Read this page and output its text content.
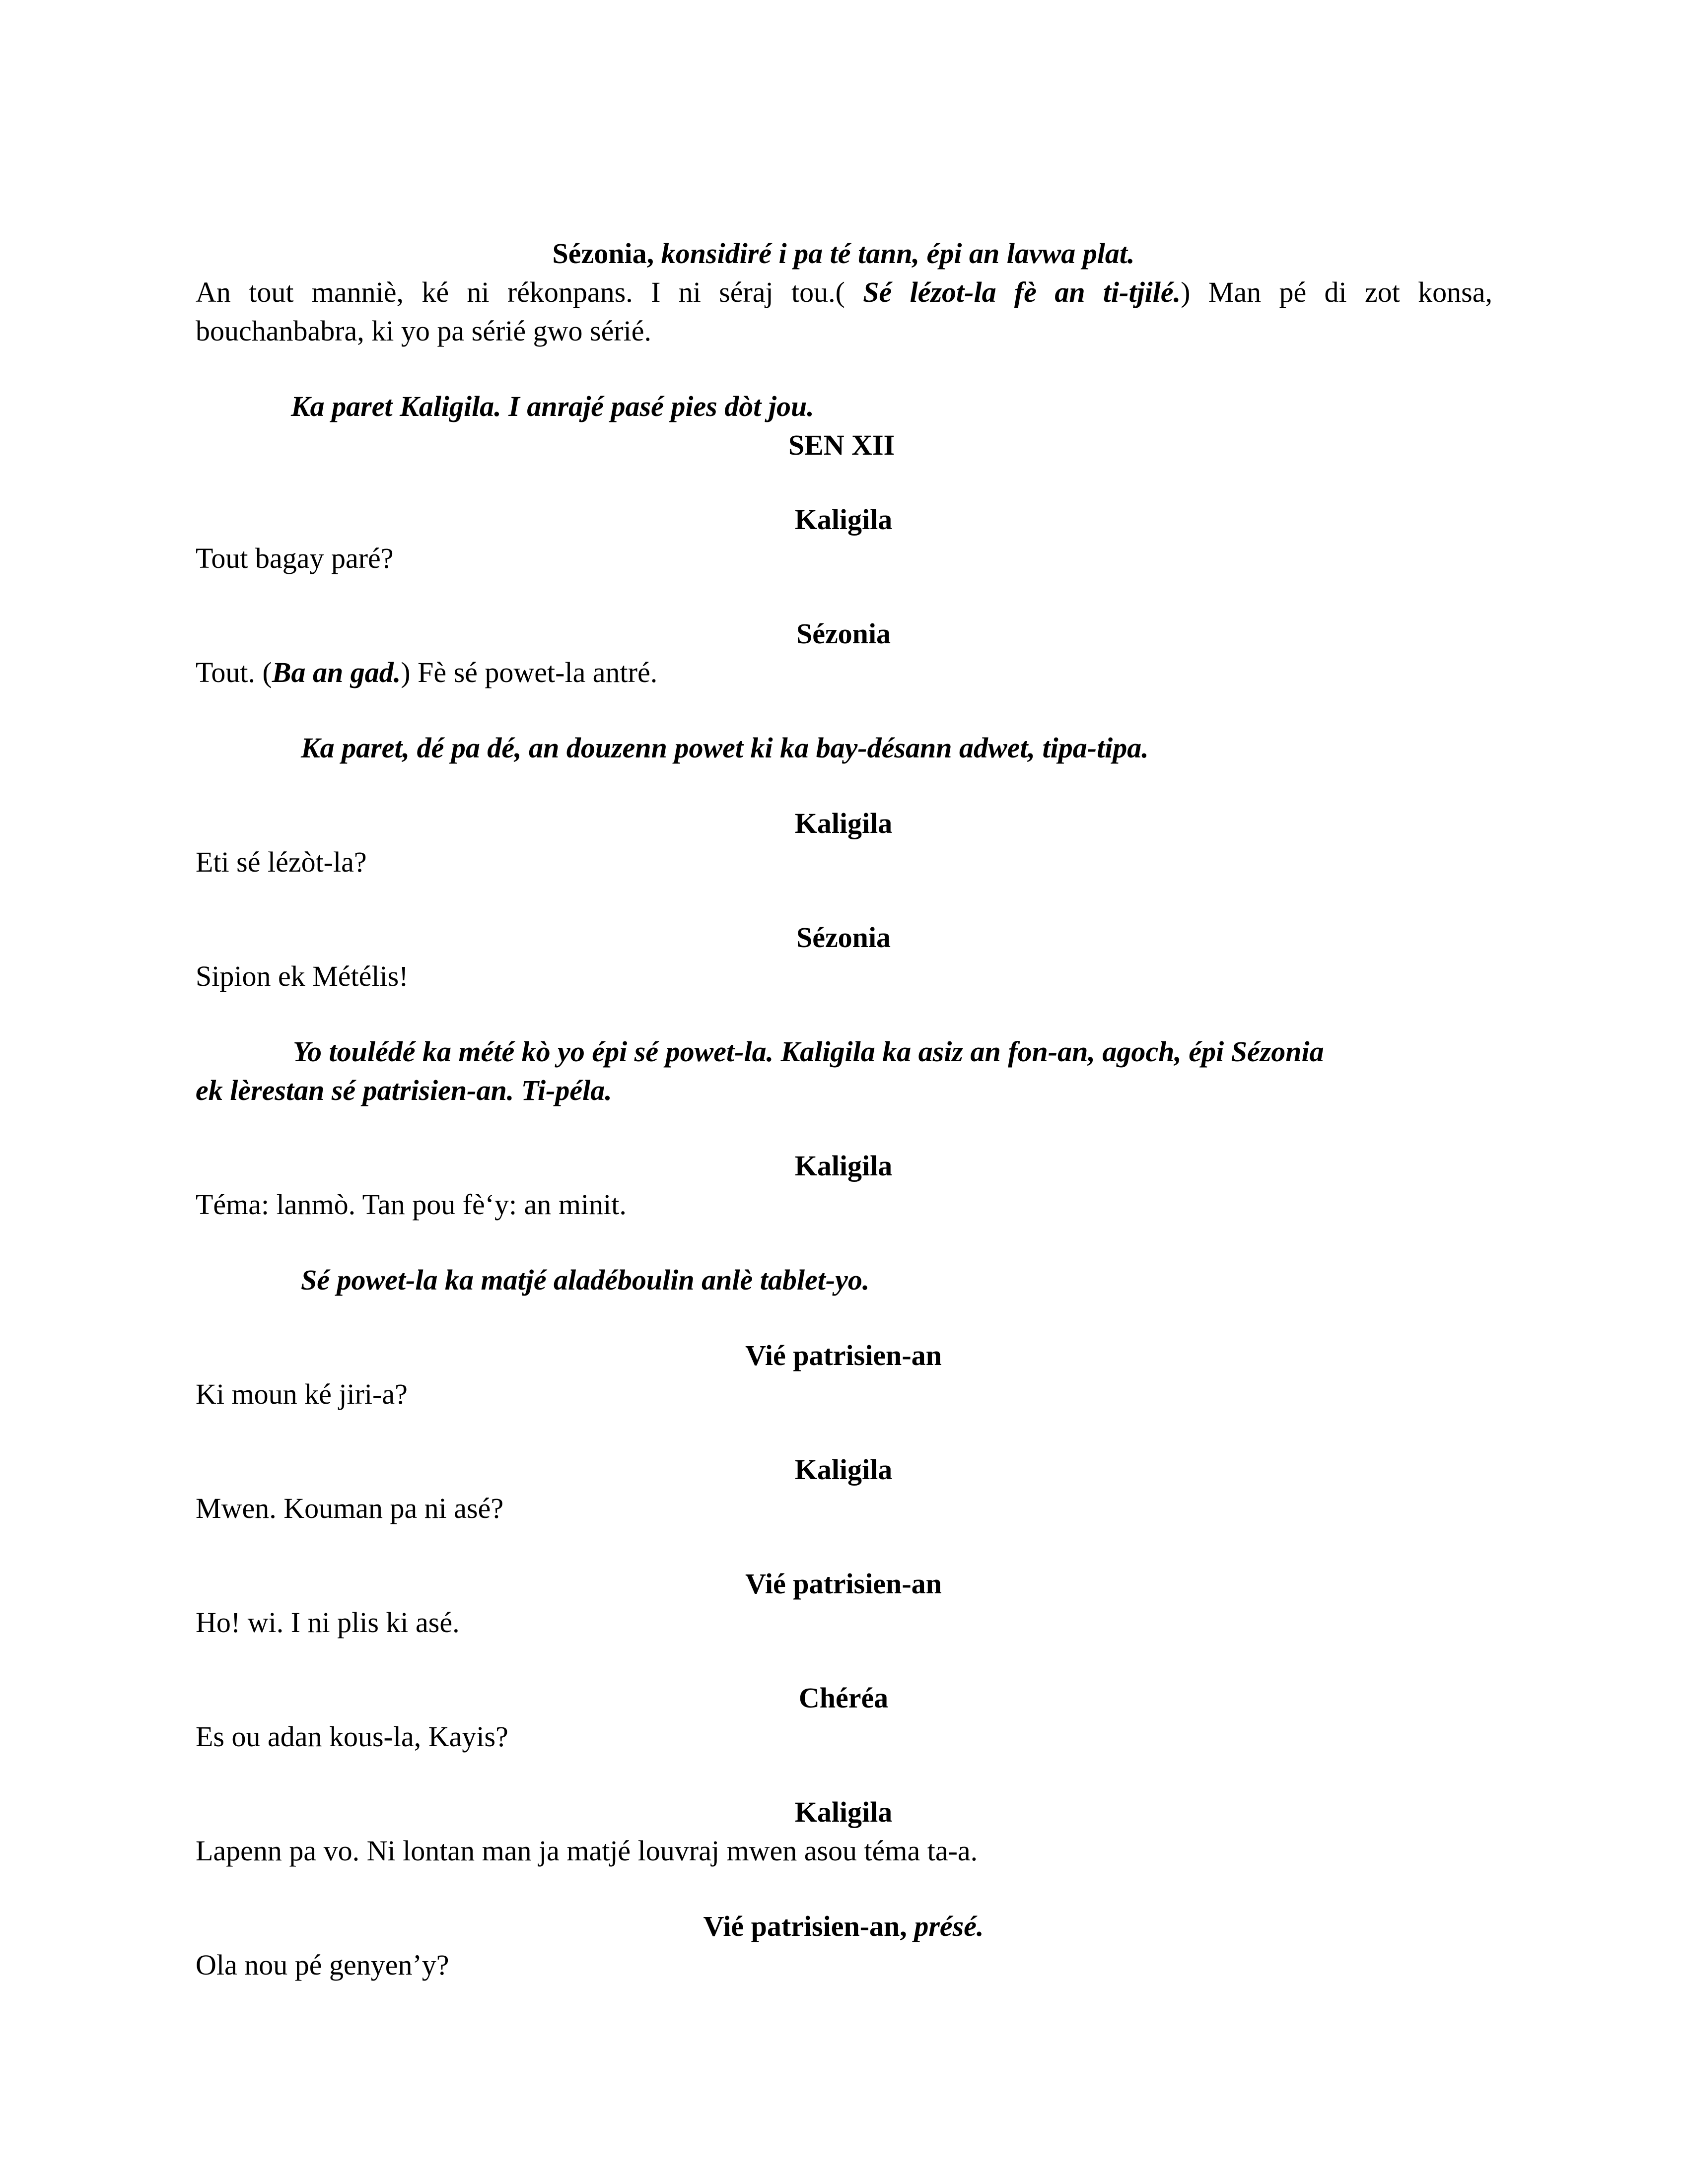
Sézonia, konsidiré i pa té tann, épi an lavwa plat.

An tout manniè, ké ni rékonpans. I ni séraj tou.( Sé lézot-la fè an ti-tjilé.) Man pé di zot konsa,
bouchanbabra, ki yo pa sérié gwo sérié.

Ka paret Kaligila. I anrajé pasé pies dòt jou.

SEN XII

Kaligila

Tout bagay paré?

Sézonia

Tout. (Ba an gad.) Fè sé powet-la antré.

Ka paret, dé pa dé, an douzenn powet ki ka bay-désann adwet, tipa-tipa.

Kaligila

Eti sé lézòt-la?

Sézonia

Sipion ek Métélis!

Yo toulédé ka mété kò yo épi sé powet-la. Kaligila ka asiz an fon-an, agoch, épi Sézonia
ek lèrestan sé patrisien-an. Ti-péla.

Kaligila

Téma: lanmò. Tan pou fè‘y: an minit.

Sé powet-la ka matjé aladéboulin anlè tablet-yo.

Vié patrisien-an

Ki moun ké jiri-a?

Kaligila

Mwen. Kouman pa ni asé?

Vié patrisien-an

Ho! wi. I ni plis ki asé.

Chéréa

Es ou adan kous-la, Kayis?

Kaligila

Lapenn pa vo. Ni lontan man ja matjé louvraj mwen asou téma ta-a.

Vié patrisien-an, présé.

Ola nou pé genyen’y?
